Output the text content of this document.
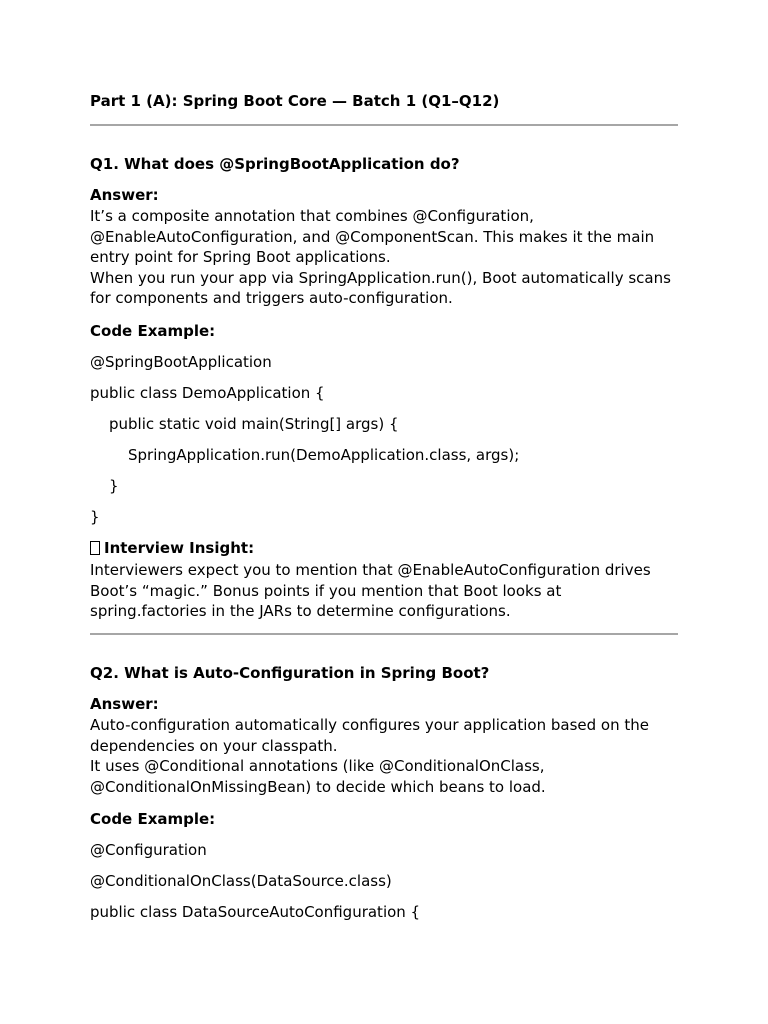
Part 1 (A): Spring Boot Core — Batch 1 (Q1–Q12)
Q1. What does @SpringBootApplication do?
Answer:
It’s a composite annotation that combines @Configuration,
@EnableAutoConfiguration, and @ComponentScan. This makes it the main
entry point for Spring Boot applications.
When you run your app via SpringApplication.run(), Boot automatically scans
for components and triggers auto-configuration.
Code Example:
@SpringBootApplication
public class DemoApplication {
public static void main(String[] args) {
SpringApplication.run(DemoApplication.class, args);
}
}
Interview Insight:
Interviewers expect you to mention that @EnableAutoConfiguration drives
Boot’s “magic.” Bonus points if you mention that Boot looks at
spring.factories in the JARs to determine configurations.
Q2. What is Auto-Configuration in Spring Boot?
Answer:
Auto-configuration automatically configures your application based on the
dependencies on your classpath.
It uses @Conditional annotations (like @ConditionalOnClass,
@ConditionalOnMissingBean) to decide which beans to load.
Code Example:
@Configuration
@ConditionalOnClass(DataSource.class)
public class DataSourceAutoConfiguration {
